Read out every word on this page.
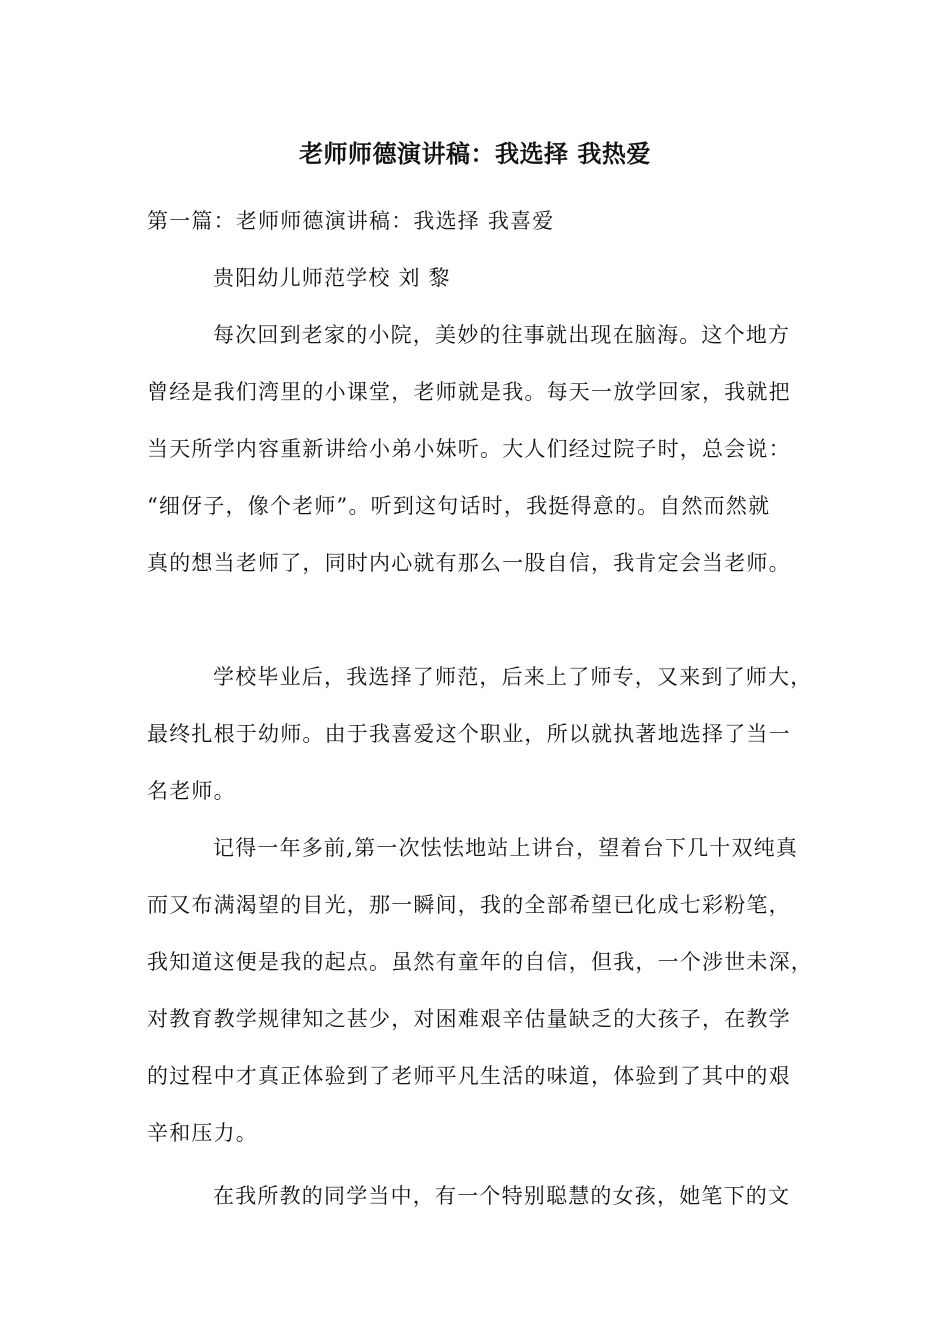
老师师德演讲稿：我选择 我热爱
第一篇：老师师德演讲稿：我选择 我喜爱
贵阳幼儿师范学校 刘 黎
每次回到老家的小院，美妙的往事就出现在脑海。这个地方
曾经是我们湾里的小课堂，老师就是我。每天一放学回家，我就把
当天所学内容重新讲给小弟小妹听。大人们经过院子时，总会说：
“细伢子，像个老师”。听到这句话时，我挺得意的。自然而然就
真的想当老师了，同时内心就有那么一股自信，我肯定会当老师。
学校毕业后，我选择了师范，后来上了师专，又来到了师大，
最终扎根于幼师。由于我喜爱这个职业，所以就执著地选择了当一
名老师。
记得一年多前,第一次怯怯地站上讲台，望着台下几十双纯真
而又布满渴望的目光，那一瞬间，我的全部希望已化成七彩粉笔，
我知道这便是我的起点。虽然有童年的自信，但我，一个涉世未深，
对教育教学规律知之甚少，对困难艰辛估量缺乏的大孩子，在教学
的过程中才真正体验到了老师平凡生活的味道，体验到了其中的艰
辛和压力。
在我所教的同学当中，有一个特别聪慧的女孩，她笔下的文
